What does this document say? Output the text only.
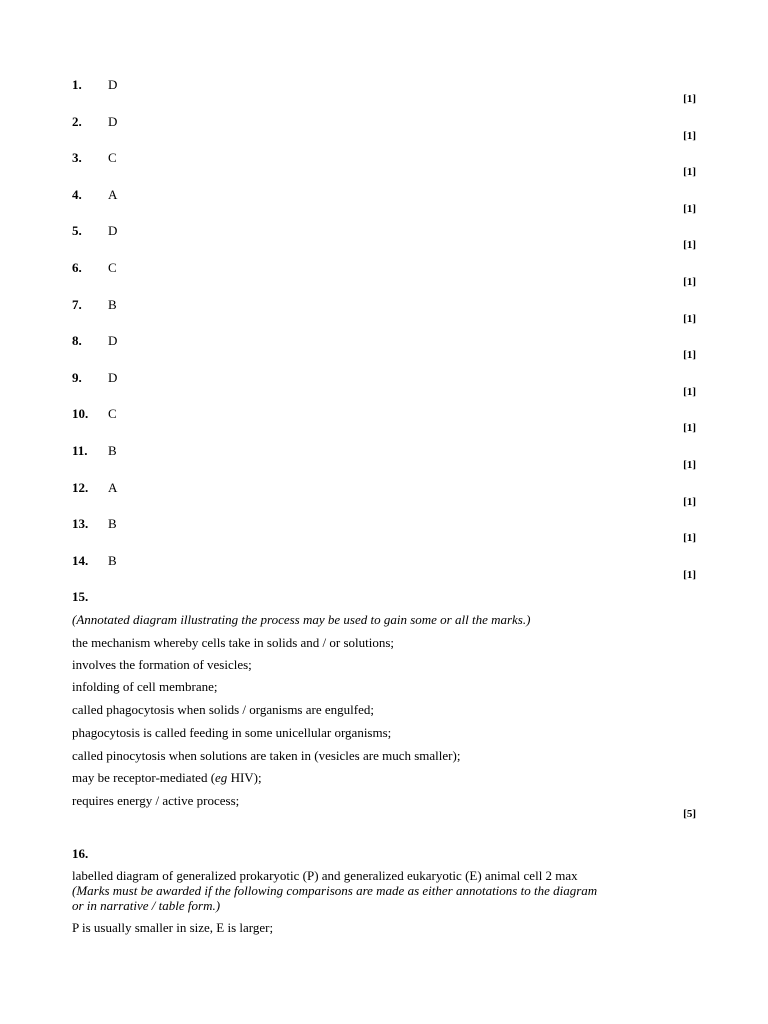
1. D
[1]
2. D
[1]
3. C
[1]
4. A
[1]
5. D
[1]
6. C
[1]
7. B
[1]
8. D
[1]
9. D
[1]
10. C
[1]
11. B
[1]
12. A
[1]
13. B
[1]
14. B
[1]
15.
(Annotated diagram illustrating the process may be used to gain some or all the marks.)
the mechanism whereby cells take in solids and / or solutions;
involves the formation of vesicles;
infolding of cell membrane;
called phagocytosis when solids / organisms are engulfed;
phagocytosis is called feeding in some unicellular organisms;
called pinocytosis when solutions are taken in (vesicles are much smaller);
may be receptor-mediated (eg HIV);
requires energy / active process;
[5]
16.
labelled diagram of generalized prokaryotic (P) and generalized eukaryotic (E) animal cell 2 max
(Marks must be awarded if the following comparisons are made as either annotations to the diagram
or in narrative / table form.)
P is usually smaller in size, E is larger;
